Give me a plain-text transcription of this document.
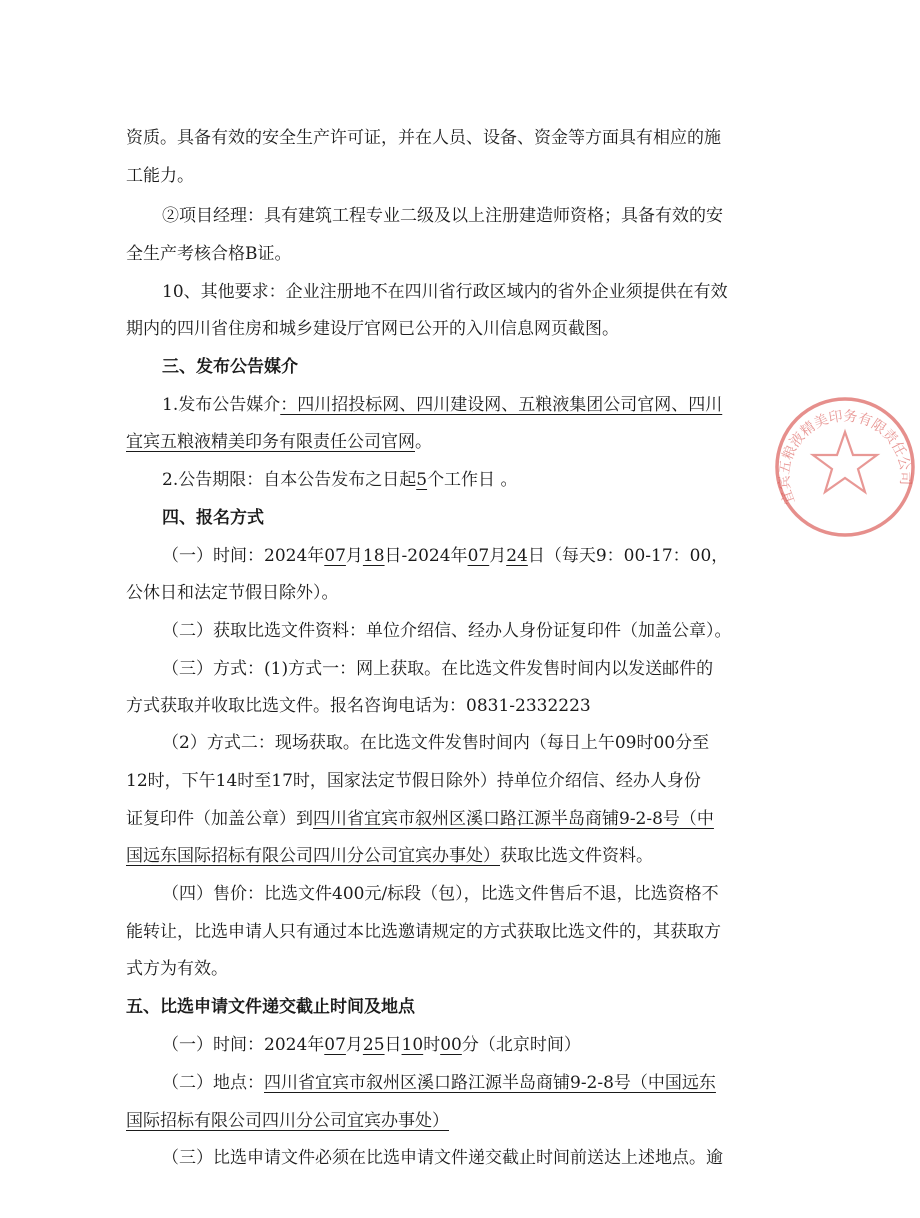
资质。具备有效的安全生产许可证，并在人员、设备、资金等方面具有相应的施
工能力。
②项目经理：具有建筑工程专业二级及以上注册建造师资格；具备有效的安
全生产考核合格B证。
10、其他要求：企业注册地不在四川省行政区域内的省外企业须提供在有效
期内的四川省住房和城乡建设厅官网已公开的入川信息网页截图。
三、发布公告媒介
1.发布公告媒介：四川招投标网、四川建设网、五粮液集团公司官网、四川
宜宾五粮液精美印务有限责任公司官网。
2.公告期限：自本公告发布之日起5个工作日 。
四、报名方式
（一）时间：2024年07月18日-2024年07月24日（每天9：00-17：00，
公休日和法定节假日除外）。
（二）获取比选文件资料：单位介绍信、经办人身份证复印件（加盖公章）。
（三）方式：(1)方式一：网上获取。在比选文件发售时间内以发送邮件的
方式获取并收取比选文件。报名咨询电话为：0831-2332223
（2）方式二：现场获取。在比选文件发售时间内（每日上午09时00分至
12时，下午14时至17时，国家法定节假日除外）持单位介绍信、经办人身份
证复印件（加盖公章）到四川省宜宾市叙州区溪口路江源半岛商铺9-2-8号（中
国远东国际招标有限公司四川分公司宜宾办事处）获取比选文件资料。
（四）售价：比选文件400元/标段（包），比选文件售后不退，比选资格不
能转让，比选申请人只有通过本比选邀请规定的方式获取比选文件的，其获取方
式方为有效。
五、比选申请文件递交截止时间及地点
（一）时间：2024年07月25日10时00分（北京时间）
（二）地点：四川省宜宾市叙州区溪口路江源半岛商铺9-2-8号（中国远东
国际招标有限公司四川分公司宜宾办事处）
（三）比选申请文件必须在比选申请文件递交截止时间前送达上述地点。逾
宜宾五粮液精美印务有限责任公司
